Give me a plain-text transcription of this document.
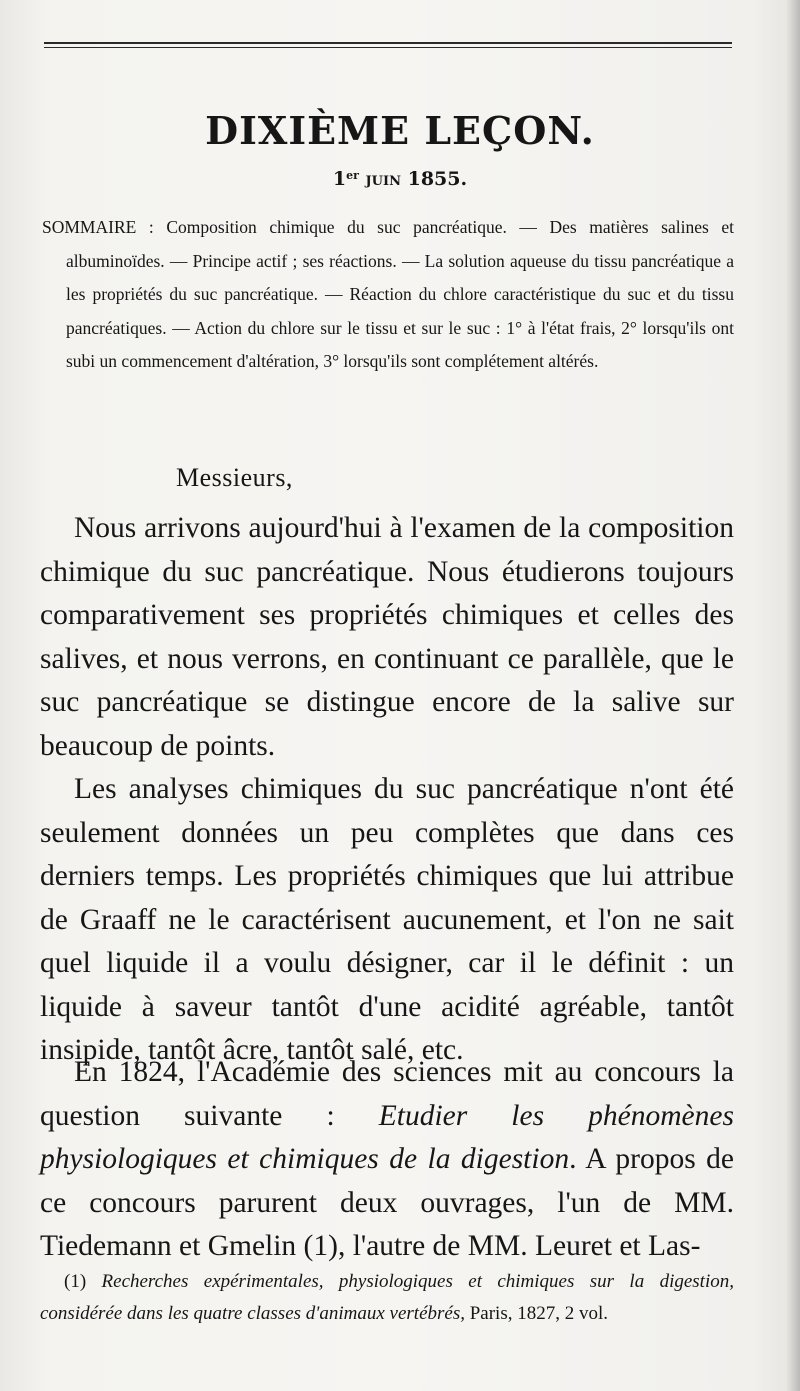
DIXIÈME LEÇON.
1er JUIN 1855.

SOMMAIRE : Composition chimique du suc pancréatique. — Des matières salines et albuminoïdes. — Principe actif ; ses réactions. — La solution aqueuse du tissu pancréatique a les propriétés du suc pancréatique. — Réaction du chlore caractéristique du suc et du tissu pancréatiques. — Action du chlore sur le tissu et sur le suc : 1° à l'état frais, 2° lorsqu'ils ont subi un commencement d'altération, 3° lorsqu'ils sont complétement altérés.

Messieurs,

Nous arrivons aujourd'hui à l'examen de la composition chimique du suc pancréatique. Nous étudierons toujours comparativement ses propriétés chimiques et celles des salives, et nous verrons, en continuant ce parallèle, que le suc pancréatique se distingue encore de la salive sur beaucoup de points.

Les analyses chimiques du suc pancréatique n'ont été seulement données un peu complètes que dans ces derniers temps. Les propriétés chimiques que lui attribue de Graaff ne le caractérisent aucunement, et l'on ne sait quel liquide il a voulu désigner, car il le définit : un liquide à saveur tantôt d'une acidité agréable, tantôt insipide, tantôt âcre, tantôt salé, etc.

En 1824, l'Académie des sciences mit au concours la question suivante : Etudier les phénomènes physiologiques et chimiques de la digestion. A propos de ce concours parurent deux ouvrages, l'un de MM. Tiedemann et Gmelin (1), l'autre de MM. Leuret et Las-

(1) Recherches expérimentales, physiologiques et chimiques sur la digestion, considérée dans les quatre classes d'animaux vertébrés, Paris, 1827, 2 vol.
